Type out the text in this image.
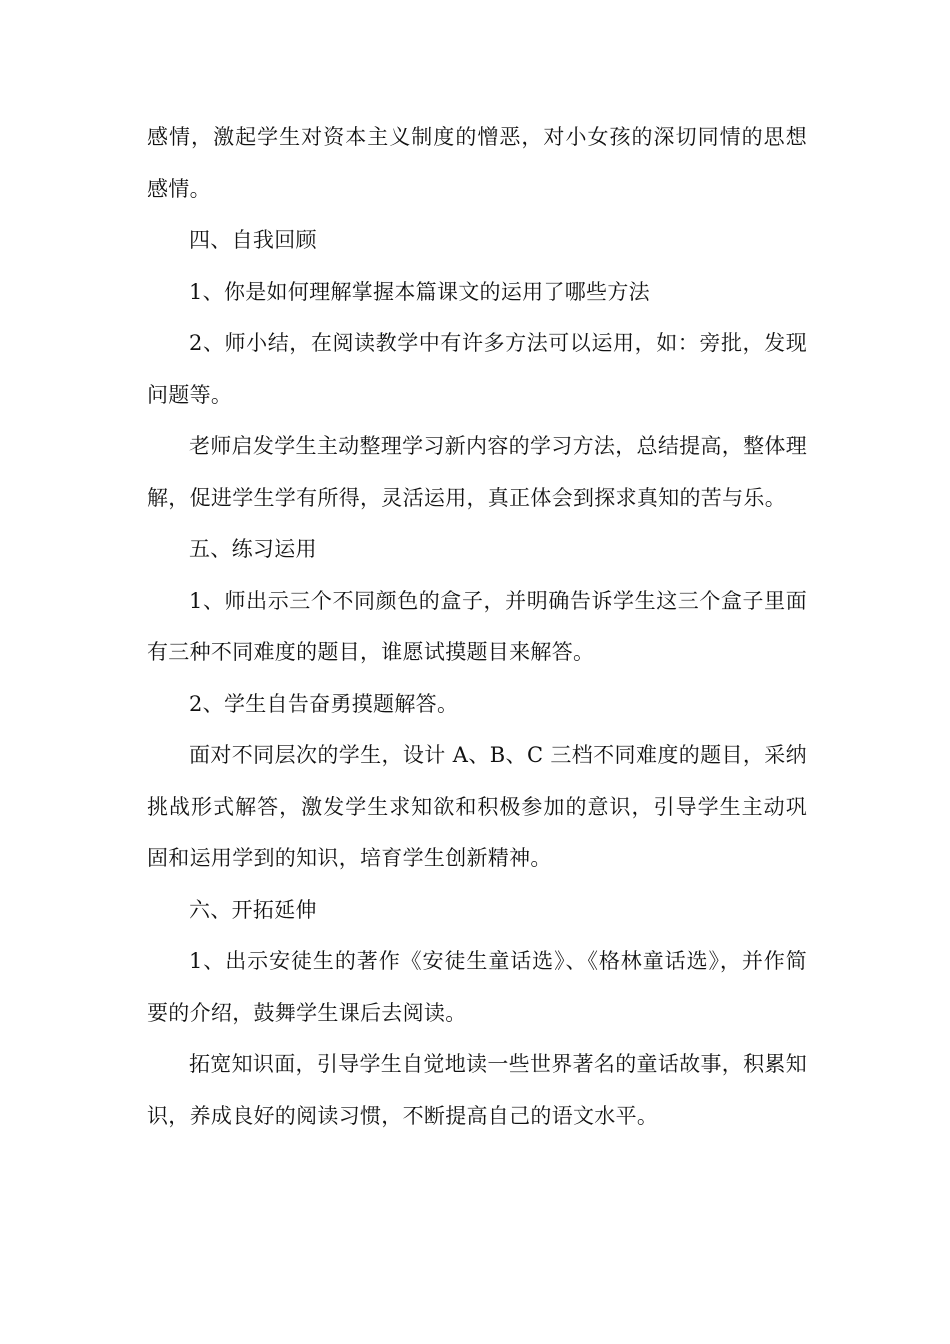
感情，激起学生对资本主义制度的憎恶，对小女孩的深切同情的思想感情。

四、自我回顾

1、你是如何理解掌握本篇课文的运用了哪些方法

2、师小结，在阅读教学中有许多方法可以运用，如：旁批，发现问题等。

老师启发学生主动整理学习新内容的学习方法，总结提高，整体理解，促进学生学有所得，灵活运用，真正体会到探求真知的苦与乐。

五、练习运用

1、师出示三个不同颜色的盒子，并明确告诉学生这三个盒子里面有三种不同难度的题目，谁愿试摸题目来解答。

2、学生自告奋勇摸题解答。

面对不同层次的学生，设计 A、B、C 三档不同难度的题目，采纳挑战形式解答，激发学生求知欲和积极参加的意识，引导学生主动巩固和运用学到的知识，培育学生创新精神。

六、开拓延伸

1、出示安徒生的著作《安徒生童话选》、《格林童话选》，并作简要的介绍，鼓舞学生课后去阅读。

拓宽知识面，引导学生自觉地读一些世界著名的童话故事，积累知识，养成良好的阅读习惯，不断提高自己的语文水平。
